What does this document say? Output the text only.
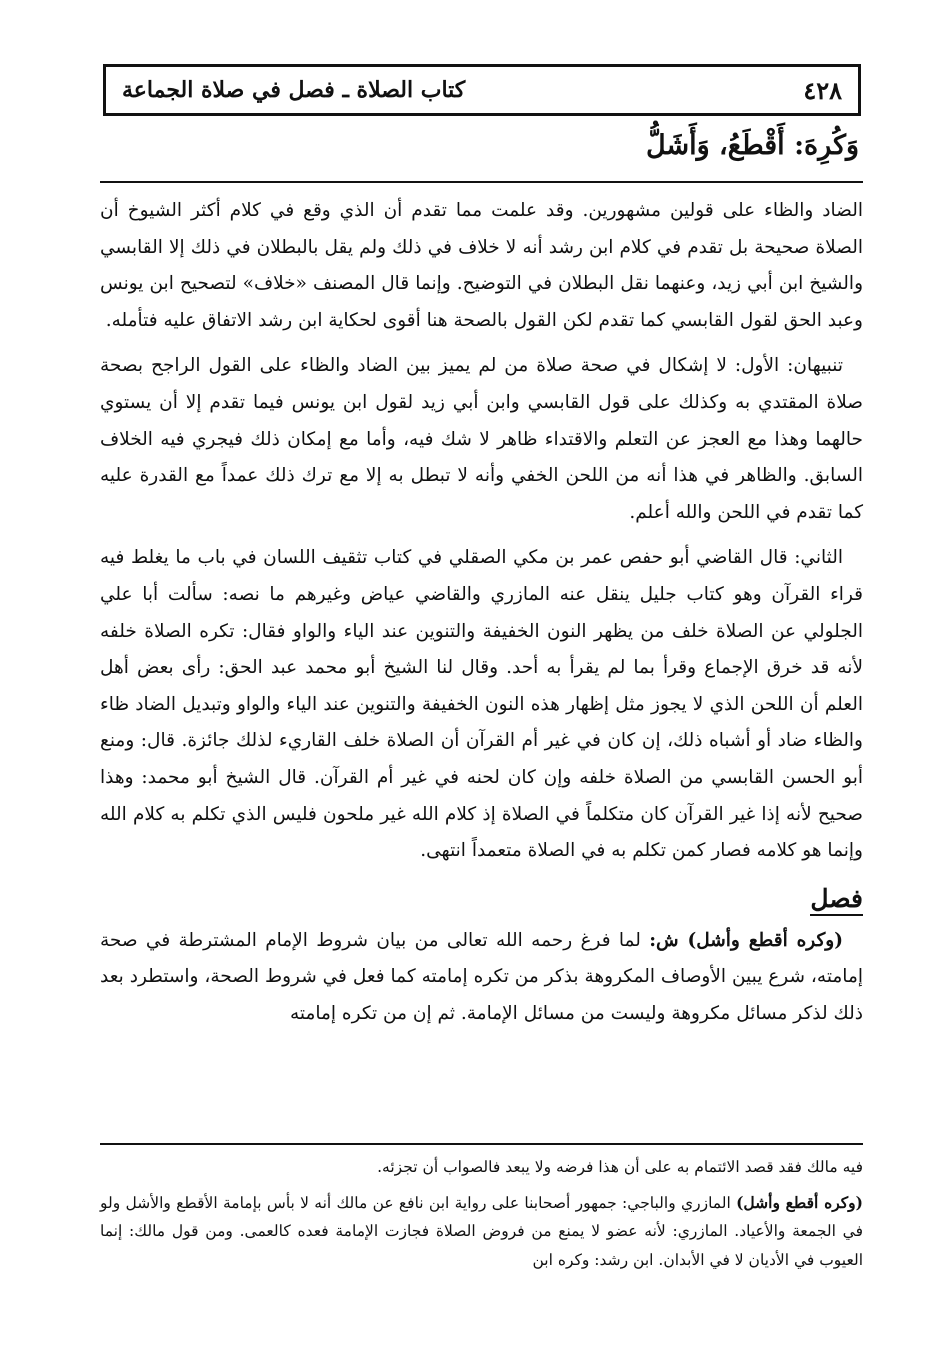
٤٢٨
كتاب الصلاة ـ فصل في صلاة الجماعة
وَكُرِهَ: أَقْطَعُ، وَأَشَلُّ

الضاد والظاء على قولين مشهورين. وقد علمت مما تقدم أن الذي وقع في كلام أكثر الشيوخ أن الصلاة صحيحة بل تقدم في كلام ابن رشد أنه لا خلاف في ذلك ولم يقل بالبطلان في ذلك إلا القابسي والشيخ ابن أبي زيد، وعنهما نقل البطلان في التوضيح. وإنما قال المصنف «خلاف» لتصحيح ابن يونس وعبد الحق لقول القابسي كما تقدم لكن القول بالصحة هنا أقوى لحكاية ابن رشد الاتفاق عليه فتأمله.

تنبيهان: الأول: لا إشكال في صحة صلاة من لم يميز بين الضاد والظاء على القول الراجح بصحة صلاة المقتدي به وكذلك على قول القابسي وابن أبي زيد لقول ابن يونس فيما تقدم إلا أن يستوي حالهما وهذا مع العجز عن التعلم والاقتداء ظاهر لا شك فيه، وأما مع إمكان ذلك فيجري فيه الخلاف السابق. والظاهر في هذا أنه من اللحن الخفي وأنه لا تبطل به إلا مع ترك ذلك عمداً مع القدرة عليه كما تقدم في اللحن والله أعلم.

الثاني: قال القاضي أبو حفص عمر بن مكي الصقلي في كتاب تثقيف اللسان في باب ما يغلط فيه قراء القرآن وهو كتاب جليل ينقل عنه المازري والقاضي عياض وغيرهم ما نصه: سألت أبا علي الجلولي عن الصلاة خلف من يظهر النون الخفيفة والتنوين عند الياء والواو فقال: تكره الصلاة خلفه لأنه قد خرق الإجماع وقرأ بما لم يقرأ به أحد. وقال لنا الشيخ أبو محمد عبد الحق: رأى بعض أهل العلم أن اللحن الذي لا يجوز مثل إظهار هذه النون الخفيفة والتنوين عند الياء والواو وتبديل الضاد ظاء والظاء ضاد أو أشباه ذلك، إن كان في غير أم القرآن أن الصلاة خلف القاريء لذلك جائزة. قال: ومنع أبو الحسن القابسي من الصلاة خلفه وإن كان لحنه في غير أم القرآن. قال الشيخ أبو محمد: وهذا صحيح لأنه إذا غير القرآن كان متكلماً في الصلاة إذ كلام الله غير ملحون فليس الذي تكلم به كلام الله وإنما هو كلامه فصار كمن تكلم به في الصلاة متعمداً انتهى.

فصل

(وكره أقطع وأشل) ش: لما فرغ رحمه الله تعالى من بيان شروط الإمام المشترطة في صحة إمامته، شرع يبين الأوصاف المكروهة بذكر من تكره إمامته كما فعل في شروط الصحة، واستطرد بعد ذلك لذكر مسائل مكروهة وليست من مسائل الإمامة. ثم إن من تكره إمامته

فيه مالك فقد قصد الائتمام به على أن هذا فرضه ولا يبعد فالصواب أن تجزئه.

(وكره أقطع وأشل) المازري والباجي: جمهور أصحابنا على رواية ابن نافع عن مالك أنه لا بأس بإمامة الأقطع والأشل ولو في الجمعة والأعياد. المازري: لأنه عضو لا يمنع من فروض الصلاة فجازت الإمامة فعده كالعمى. ومن قول مالك: إنما العيوب في الأديان لا في الأبدان. ابن رشد: وكره ابن
